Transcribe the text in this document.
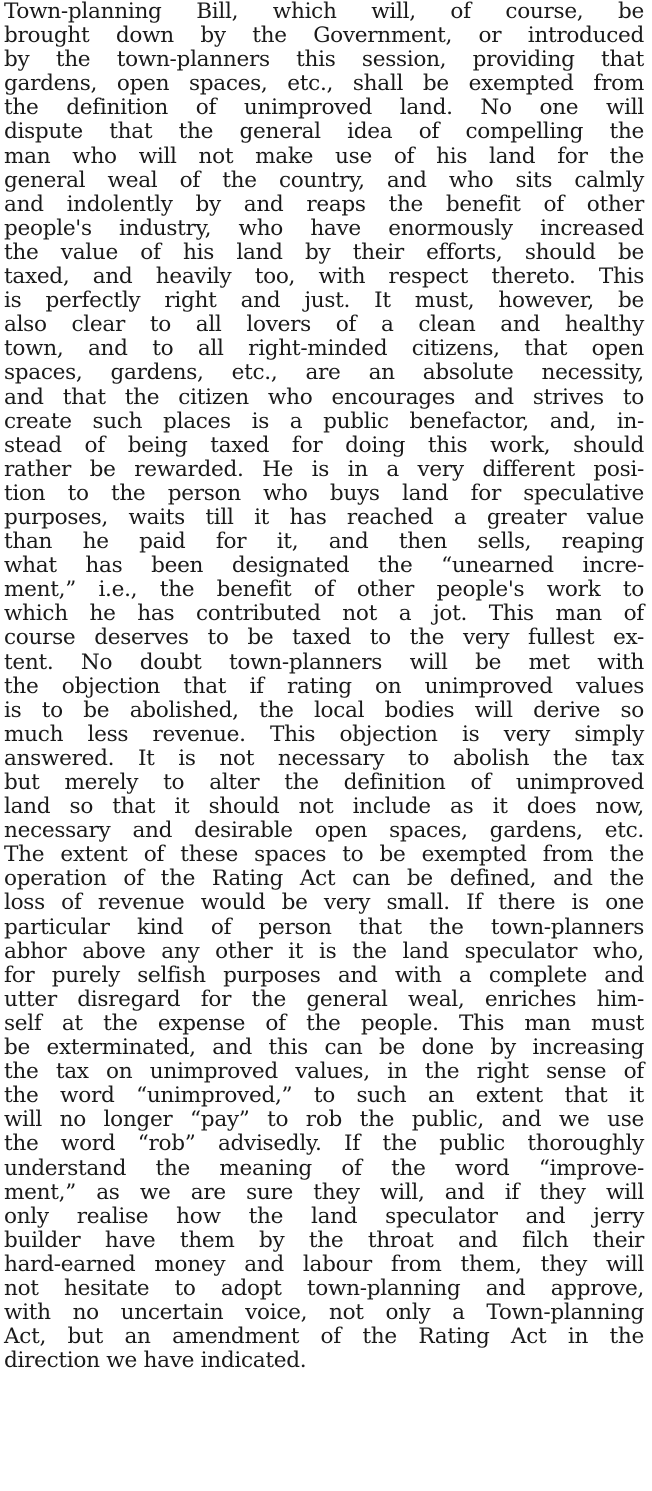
Town-planning Bill, which will, of course, be
brought down by the Government, or introduced
by the town-planners this session, providing that
gardens, open spaces, etc., shall be exempted from
the definition of unimproved land. No one will
dispute that the general idea of compelling the
man who will not make use of his land for the
general weal of the country, and who sits calmly
and indolently by and reaps the benefit of other
people's industry, who have enormously increased
the value of his land by their efforts, should be
taxed, and heavily too, with respect thereto. This
is perfectly right and just. It must, however, be
also clear to all lovers of a clean and healthy
town, and to all right-minded citizens, that open
spaces, gardens, etc., are an absolute necessity,
and that the citizen who encourages and strives to
create such places is a public benefactor, and, in-
stead of being taxed for doing this work, should
rather be rewarded. He is in a very different posi-
tion to the person who buys land for speculative
purposes, waits till it has reached a greater value
than he paid for it, and then sells, reaping
what has been designated the “unearned incre-
ment,” i.e., the benefit of other people's work to
which he has contributed not a jot. This man of
course deserves to be taxed to the very fullest ex-
tent. No doubt town-planners will be met with
the objection that if rating on unimproved values
is to be abolished, the local bodies will derive so
much less revenue. This objection is very simply
answered. It is not necessary to abolish the tax
but merely to alter the definition of unimproved
land so that it should not include as it does now,
necessary and desirable open spaces, gardens, etc.
The extent of these spaces to be exempted from the
operation of the Rating Act can be defined, and the
loss of revenue would be very small. If there is one
particular kind of person that the town-planners
abhor above any other it is the land speculator who,
for purely selfish purposes and with a complete and
utter disregard for the general weal, enriches him-
self at the expense of the people. This man must
be exterminated, and this can be done by increasing
the tax on unimproved values, in the right sense of
the word “unimproved,” to such an extent that it
will no longer “pay” to rob the public, and we use
the word “rob” advisedly. If the public thoroughly
understand the meaning of the word “improve-
ment,” as we are sure they will, and if they will
only realise how the land speculator and jerry
builder have them by the throat and filch their
hard-earned money and labour from them, they will
not hesitate to adopt town-planning and approve,
with no uncertain voice, not only a Town-planning
Act, but an amendment of the Rating Act in the
direction we have indicated.
